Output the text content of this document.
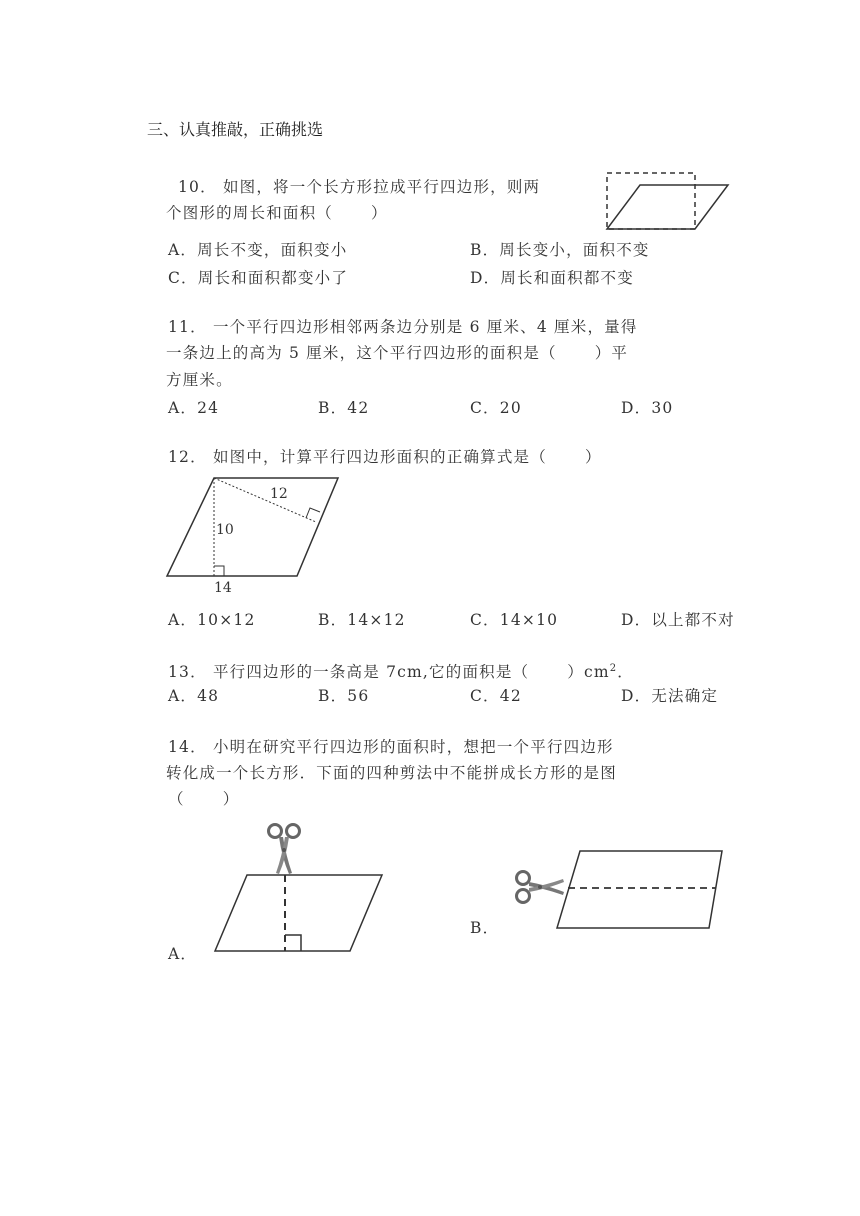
三、认真推敲，正确挑选
10． 如图，将一个长方形拉成平行四边形，则两
个图形的周长和面积（ ）
A．周长不变，面积变小	B．周长变小，面积不变
C．周长和面积都变小了	D．周长和面积都不变
11． 一个平行四边形相邻两条边分别是 6 厘米、4 厘米，量得
一条边上的高为 5 厘米，这个平行四边形的面积是（ ）平
方厘米。
A．24	B．42	C．20	D．30
12． 如图中，计算平行四边形面积的正确算式是（ ）
12
10
14
A．10×12	B．14×12	C．14×10	D．以上都不对
13． 平行四边形的一条高是 7cm,它的面积是（ ）$cm^2$．
A．48	B．56	C．42	D．无法确定
14． 小明在研究平行四边形的面积时，想把一个平行四边形
转化成一个长方形．下面的四种剪法中不能拼成长方形的是图
（ ）
A．
B．
